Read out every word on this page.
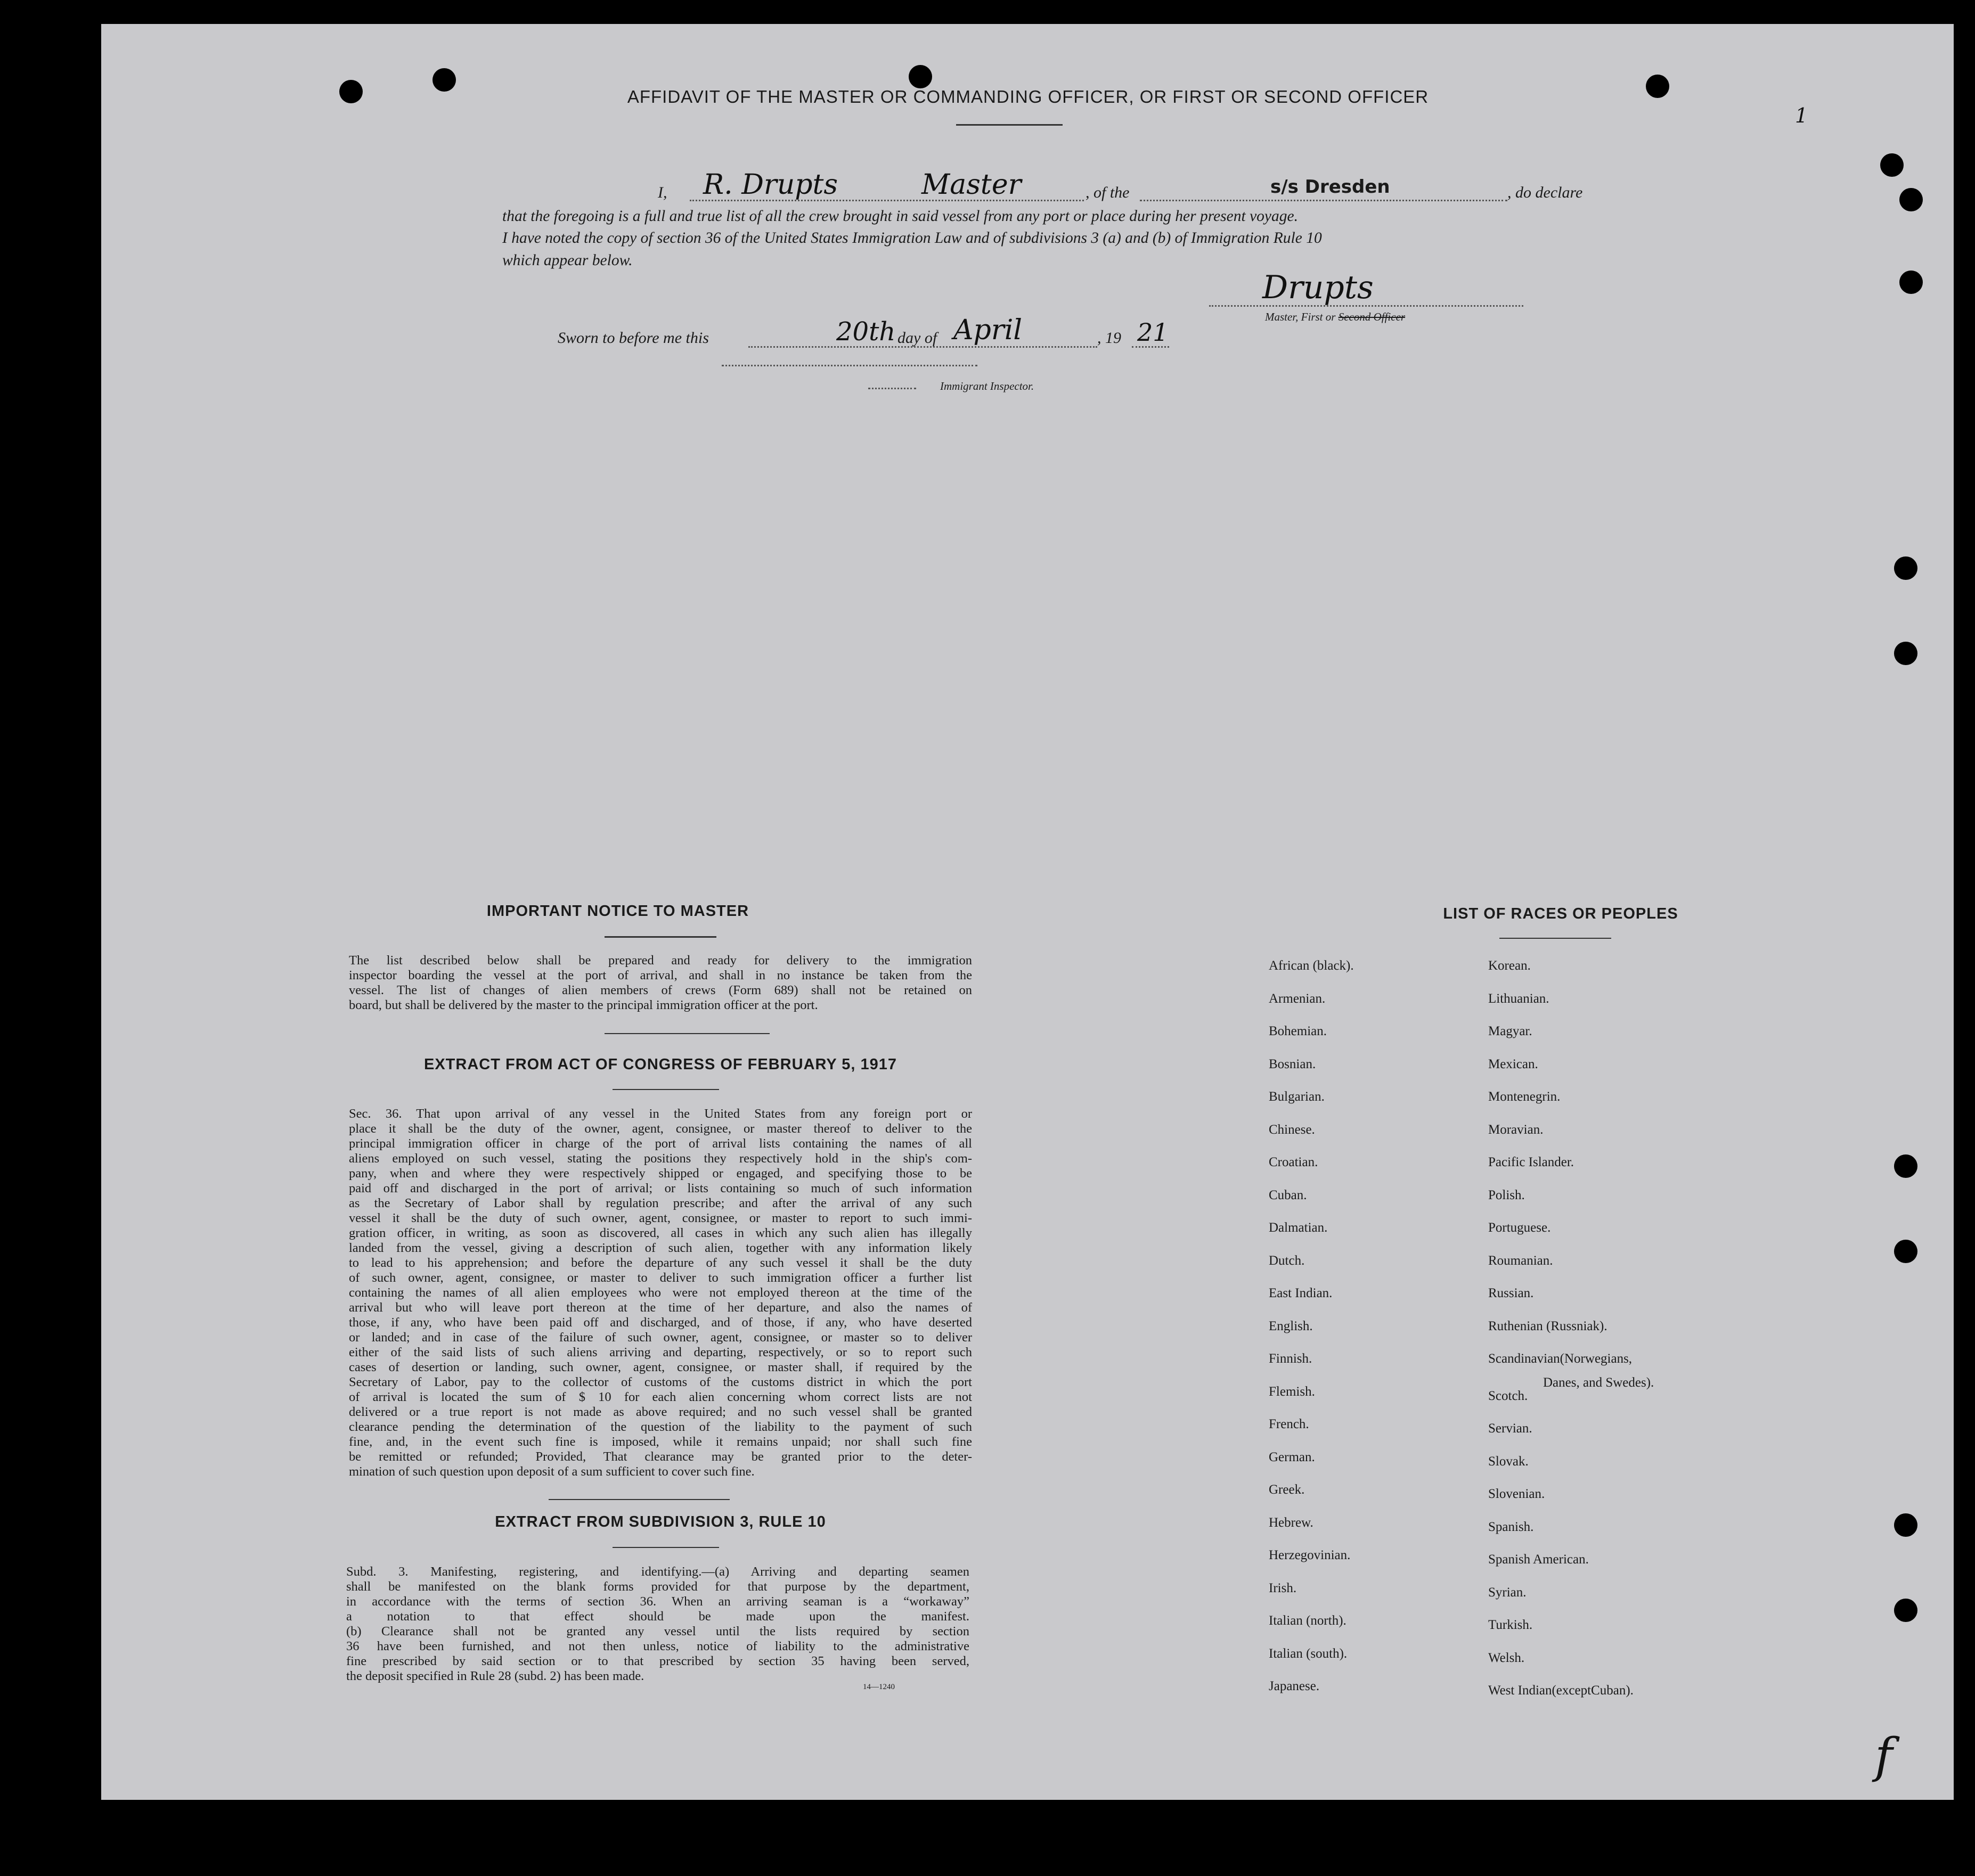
1
f
AFFIDAVIT OF THE MASTER OR COMMANDING OFFICER, OR FIRST OR SECOND OFFICER
I, R. Drupts	Master	, of the	s/s Dresden	, do declare
that the foregoing is a full and true list of all the crew brought in said vessel from any port or place during her present voyage.
I have noted the copy of section 36 of the United States Immigration Law and of subdivisions 3 (a) and (b) of Immigration Rule 10
which appear below.
Drupts
Master, First or Second Officer
Sworn to before me this	20th day of April	, 19 21
Immigrant Inspector.
IMPORTANT NOTICE TO MASTER
The list described below shall be prepared and ready for delivery to the immigration
inspector boarding the vessel at the port of arrival, and shall in no instance be taken from the
vessel. The list of changes of alien members of crews (Form 689) shall not be retained on
board, but shall be delivered by the master to the principal immigration officer at the port.
EXTRACT FROM ACT OF CONGRESS OF FEBRUARY 5, 1917
Sec. 36. That upon arrival of any vessel in the United States from any foreign port or
place it shall be the duty of the owner, agent, consignee, or master thereof to deliver to the
principal immigration officer in charge of the port of arrival lists containing the names of all
aliens employed on such vessel, stating the positions they respectively hold in the ship's com-
pany, when and where they were respectively shipped or engaged, and specifying those to be
paid off and discharged in the port of arrival; or lists containing so much of such information
as the Secretary of Labor shall by regulation prescribe; and after the arrival of any such
vessel it shall be the duty of such owner, agent, consignee, or master to report to such immi-
gration officer, in writing, as soon as discovered, all cases in which any such alien has illegally
landed from the vessel, giving a description of such alien, together with any information likely
to lead to his apprehension; and before the departure of any such vessel it shall be the duty
of such owner, agent, consignee, or master to deliver to such immigration officer a further list
containing the names of all alien employees who were not employed thereon at the time of the
arrival but who will leave port thereon at the time of her departure, and also the names of
those, if any, who have been paid off and discharged, and of those, if any, who have deserted
or landed; and in case of the failure of such owner, agent, consignee, or master so to deliver
either of the said lists of such aliens arriving and departing, respectively, or so to report such
cases of desertion or landing, such owner, agent, consignee, or master shall, if required by the
Secretary of Labor, pay to the collector of customs of the customs district in which the port
of arrival is located the sum of $ 10 for each alien concerning whom correct lists are not
delivered or a true report is not made as above required; and no such vessel shall be granted
clearance pending the determination of the question of the liability to the payment of such
fine, and, in the event such fine is imposed, while it remains unpaid; nor shall such fine
be remitted or refunded; Provided, That clearance may be granted prior to the deter-
mination of such question upon deposit of a sum sufficient to cover such fine.
EXTRACT FROM SUBDIVISION 3, RULE 10
Subd. 3. Manifesting, registering, and identifying.—(a) Arriving and departing seamen
shall be manifested on the blank forms provided for that purpose by the department,
in accordance with the terms of section 36. When an arriving seaman is a “workaway”
a notation to that effect should be made upon the manifest.
(b) Clearance shall not be granted any vessel until the lists required by section
36 have been furnished, and not then unless, notice of liability to the administrative
fine prescribed by said section or to that prescribed by section 35 having been served,
the deposit specified in Rule 28 (subd. 2) has been made.
14—1240
LIST OF RACES OR PEOPLES
African (black).
Armenian.
Bohemian.
Bosnian.
Bulgarian.
Chinese.
Croatian.
Cuban.
Dalmatian.
Dutch.
East Indian.
English.
Finnish.
Flemish.
French.
German.
Greek.
Hebrew.
Herzegovinian.
Irish.
Italian (north).
Italian (south).
Japanese.
Korean.
Lithuanian.
Magyar.
Mexican.
Montenegrin.
Moravian.
Pacific Islander.
Polish.
Portuguese.
Roumanian.
Russian.
Ruthenian (Russniak).
Scandinavian(Norwegians,
Scotch.
Servian.
Slovak.
Slovenian.
Spanish.
Spanish American.
Syrian.
Turkish.
Welsh.
West Indian(exceptCuban).
Danes, and Swedes).
